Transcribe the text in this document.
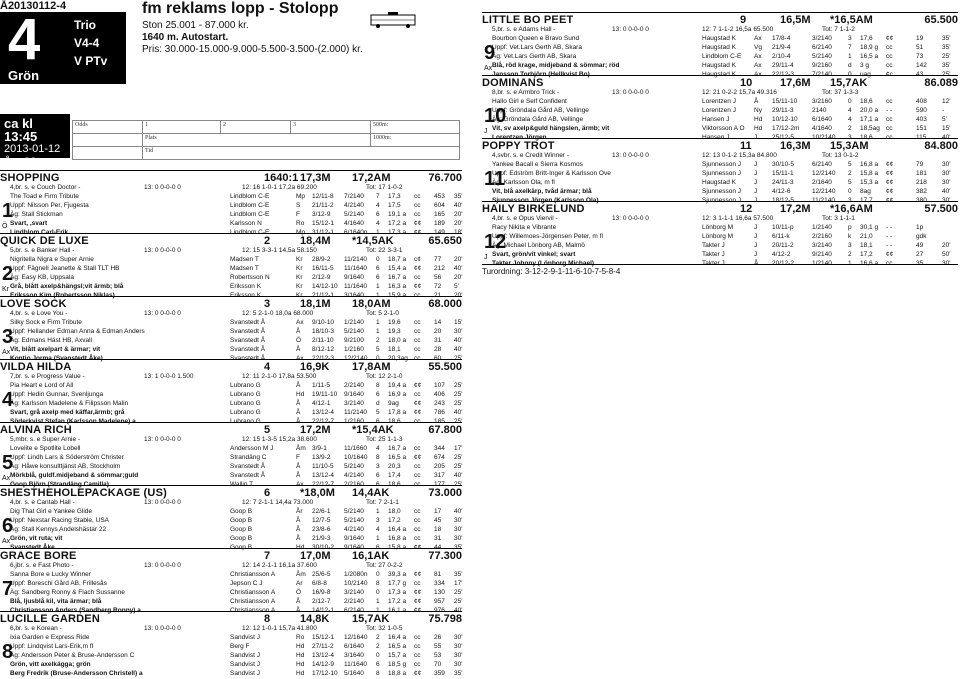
Å20130112-4
4
Grön
Trio
V4-4
V PTv
fm reklams lopp - Stolopp
Ston 25.001 - 87.000 kr.
1640 m. Autostart.
Pris: 30.000-15.000-9.000-5.500-3.500-(2.000) kr.
ca kl 13:45
2013-01-12
Å = 06
Odds	1	2	3	500m:
	Plats			1000m:
	Tid			
SHOPPING	1640:1 17,3M 17,2AM	76.700
4,br. s. e Couch Doctor -	13: 0 0-0-0 0	12: 16 1-0-1 17,2a 69.200	Tot: 17 1-0-2
1
Ö
The Toad e Firm Tribute	Lindblom C-E	Mp 12/11-8 7/2140 7 17,3 cc 453 35'
Uppf: Nilsson Per, Fjugesta	Lindblom C-E	S 21/11-2 4/2140 4 17,5 cc 604 40'
Äg: Stall Stickman	Lindblom C-E	F 3/12-9 5/2140 6 19,1 a cc 165 20'
Svart, ,svart	Karlsson N	Ro 15/12-1 4/1640 4 17,2 a ¢¢ 189 20'
Lindblom Carl-Erik	Lindblom C-E	Mp 31/12-1 6/1640n 1 17,3 a ¢¢ 149 18'
QUICK DE LUXE	2	18,4M *14,5AK	65.650
5,br. s. e Banker Hall -	13: 0 0-0-0 0	12: 15 3-3-1 14,5a 58.150	Tot: 22 3-3-1
2
Kr
Nigritella Nigra e Super Arnie	Madsen T	Kr 28/9-2 11/2140 0 18,7 a c¢ 77 20'
Uppf: Fägnell Jeanette & Stall TLT HB	Madsen T	Kr 16/11-5 11/1640 6 15,4 a ¢¢ 212 40'
Äg: Easy KB, Uppsala	Robertsson N	Kr 2/12-9 9/1640 6 16,7 a cc 56 20'
Grå, blått axelp&hängsl;vit ärmb; blå	Eriksson K	Kr 14/12-10 11/1640 1 16,3 a ¢¢ 72 5'
Eriksson Kim (Robertsson Niklas)	Eriksson K	Kr 21/12-1 3/1640 1 15,9 a cc 21 20'
LOVE SOCK	3	18,1M 18,0AM	68.000
4,br. s. e Love You -	13: 0 0-0-0 0	12: 5 2-1-0 18,0a 68.000	Tot: 5 2-1-0
3
Ax
Silky Sock e Firm Tribute	Svanstedt Å	Ax 9/10-10 1/2140 1 19,6 cc 14 15'
Uppf: Hellander Edman Anna & Edman Anders	Svanstedt Å	Å 18/10-3 5/2140 1 19,3 cc 20 30'
Äg: Edmans Häst HB, Axvall	Svanstedt Å	Ö 2/11-10 9/2100 2 18,0 a cc 31 40'
Vit, blått axelpart & ärmar; vit	Svanstedt Å	Å 8/12-12 1/2160 5 18,1 cc 28 40'
Kontio Jorma (Svanstedt Åke)	Svanstedt Å	Ax 22/12-3 12/2140 0 20,3ag cc 60 25'
VILDA HILDA	4	16,9K 17,8AM	55.500
7,br. s. e Progress Value -	13: 1 0-0-0 1.500	12: 11 2-1-0 17,8a 53.500	Tot: 12 2-1-0
4
Pia Heart e Lord of All	Lubrano G	Å 1/11-5 2/2140 8 19,4 a ¢¢ 107 25'
Uppf: Hedin Gunnar, Svenljunga	Lubrano G	Hd 19/11-10 9/1640 6 16,9 a cc 406 25'
Äg: Karlsson Madelene & Filipsson Malin	Lubrano G	Å 4/12-1 3/2140 d 9ag ¢¢ 243 25'
Svart, grå axelp med käffar,ärmb; grå	Lubrano G	Å 13/12-4 11/2140 5 17,8 a ¢¢ 786 40'
Söderkvist Stefan (Karlsson Madelene) a	Lubrano G	Å 22/12-7 1/2160 6 18,6 cc 185 25'
ALVINA RICH	5	17,2M *15,4AK	67.800
5,mbr. s. e Super Arnie -	13: 0 0-0-0 0	12: 15 1-3-5 15,2a 38.600	Tot: 25 1-1-3
5
Ax
Lovelite e Spotlite Lobell	Andersson M J	Åm 3/9-1	11/1660 4 16,7 a cc 344 17'
Uppf: Lindh Lars & Söderström Christer	Strandäng C	F 13/9-2 10/1640 8 16,5 a ¢¢ 674 25'
Äg: Håwe konsulttjänst AB, Stockholm	Svanstedt Å	Å 11/10-5 5/2140 3 20,3 cc 205 25'
Mörkblå, guldf.midjeband & sömmar;guld	Svanstedt Å	Å 13/12-4 4/2140 6 17,4 cc 317 40'
Goop Björn (Strandäng Camilla)	Wallin T	Ax 22/12-7 2/2160 6 18,6 cc 177 25'
SHESTHEHOLEPACKAGE (US)	6	*18,0M 14,4AK	73.000
4,br. s. e Cantab Hall -	13: 0 0-0-0 0	12: 7 2-1-1 14,4a 73.000	Tot: 7 2-1-1
6
Ax
Dig That Girl e Yankee Glide	Goop B	År 22/6-1 5/2140 1 18,0 cc 17 40'
Uppf: Nexstar Racing Stable, USA	Goop B	Å 12/7-5 5/2140 3 17,2 cc 45 30'
Äg: Stall Kennys Andelshästar 22	Goop B	Å 23/8-6 4/2140 4 16,4 a cc 18 30'
Grön, vit ruta; vit	Goop B	Å 21/9-3 9/1640 1 16,8 a cc 31 30'
Svanstedt Åke	Goop B	Hd 30/10-2 9/1640 6 15,8 a ¢¢ 44 35'
GRACE BORE	7	17,0M 16,1AK	77.300
6,jbr. s. e Fast Photo -	13: 0 0-0-0 0	12: 14 2-1-1 16,1a 37.600	Tot: 27 0-2-2
7
Sanna Bore e Lucky Winner	Christiansson A	Åm 25/6-5 1/2080n 0 39,3 a ¢¢ 81 35'
Uppf: Boreschi Gård AB, Frillesås	Jepson C J	Ar 6/8-8	10/2140 8 17,7 g cc 334 17'
Äg: Sandberg Ronny & Flach Sussanne	Christiansson A	Ö 16/9-8 3/2140 0 17,3 a ¢¢ 130 25'
Blå, ljusblå kil, vita ärmar; blå	Christiansson A	Å 2/12-7 2/2140 1 17,2 a ¢¢ 957 25'
Christiansson Anders (Sandberg Ronny) a	Christiansson A	Å 14/12-1 6/2140 1 16,1 a ¢¢ 976 40'
LUCILLE GARDEN	8	14,8K 15,7AK	75.798
6,br. s. e Korean -	13: 0 0-0-0 0	12: 12 1-0-1 15,7a 41.800	Tot: 32 1-0-5
8
Ixia Garden e Express Ride	Sandvist J	Ro 15/12-1 12/1640 2 16,4 a cc 26 30'
Uppf: Lindqvist Lars-Erik,m fl	Berg F	Hd 27/11-2 6/1640 2 16,5 a cc 55 30'
Äg: Andersson Peter & Bruse-Andersson C	Sandvist J	Hd 13/12-4 3/1640 0 15,7 a cc 53 30'
Grön, vitt axelkägga; grön	Sandvist J	Hd 14/12-9 11/1640 6 18,5 g cc 70 30'
Berg Fredrik (Bruse-Andersson Christell) a	Sandvist J	Hd 17/12-10 5/1640 8 18,8 a ¢¢ 359 35'
LITTLE BO PEET	9	16,5M *16,5AM	65.500
5,br. s. e Adams Hall -	13: 0 0-0-0 0	12: 7 1-1-2 16,5a 65.500	Tot: 7 1-1-2
9
Ax
Bourbon Queen e Bravo Sund	Haugstad K	Ax 17/8-4	3/2140 3 17,6 ¢¢	19	35'
Uppf: Vet.Lars Gerth AB, Skara	Haugstad K	Vg 21/9-4	6/2140 7 18,9 g cc	51	35'
Äg: Vet.Lars Gerth AB, Skara	Lindblom C-E Ax 2/10-4	5/2140 1 16,5 a cc	73	25'
Blå, röd krage, midjeband & sömmar; röd	Haugstad K	Ax 29/11-4	9/2160 d 3 g	cc	142 35'
Jansson Torbjörn (Hellkvist Bo)	Haugstad K	Ax 22/12-3	7/2140 0 uag ¢c	43	25'
DOMINANS	10	17,6M 15,7AK	86.089
8,br. s. e Armbro Trick -	13: 0 0-0-0 0	12: 21 0-2-2 15,7a 49.316	Tot: 37 1-3-3
10
J
Hallo Girl e Self Confident	Lorentzen J	Å 15/11-10 3/2160 0 18,6 cc	408 12'
Uppf: Gröndala Gård AB, Vellinge	Lorentzen J	Ny 29/11-3	2140	4 20,0 a - -	590 -
Äg: Gröndala Gård AB, Vellinge	Hansen J	Hd 10/12-10 6/1640 4 17,1 a cc	403 5'
Vit, sv axelp&guld hängslen, ärmb; vit	Viktorsson A O Hd 17/12-2m 4/1640 2 18,5ag cc	151 15'
Lorentzen Jörgen	Hansen J	J 25/12-5	10/2140 3 18,6 cc	115 40'
POPPY TROT	11	16,3M 15,3AM	84.800
4,svbr. s. e Credit Winner -	13: 0 0-0-0 0	12: 13 0-1-2 15,3a 84.800	Tot: 13 0-1-2
11
Yankee Bacall e Sierra Kosmos	Sjunnesson J J 30/10-5	6/2140 5 16,8 a ¢¢	79	30'
Uppf: Edström Britt-Inger & Karlsson Ove	Sjunnesson J J 15/11-1	12/2140 2 15,8 a ¢¢	181 30'
Äg: Karlsson Ola, m fl	Haugstad K	J 24/11-3	2/1640 5 15,3 a ¢¢	218 30'
Vit, blå axelkärp, tvåd ärmar; blå	Sjunnesson J J 4/12-6	12/2140 0 8ag ¢¢	382 40'
Sjunnesson Jörgen (Karlsson Ola)	Sjunnesson J J 18/12-5	11/2140 3 17,7 ¢¢	380 30'
HAILY BIRKELUND	12	17,2M *16,6AM	57.500
4,br. s. e Opus Viervil -	13: 0 0-0-0 0	12: 3 1-1-1 16,6a 57.500	Tot: 3 1-1-1
12
J
Racy Nikita e Vibrante	Lönborg M	J 10/11-p	1/2140 p 30,1 g - -	1p
Uppf: Willemoes-Jörgensen Peter, m fl	Lönborg M	J 6/11-k	2/2160 k 21,0 - -	gdk
Äg: Michael Lönborg AB, Malmö	Takter J	J 20/11-2	3/2140 3 18,1 - -	49	20'
Svart, grön/vit vinkel; svart	Takter J	J 4/12-2	9/2140 2 17,2 ¢¢	27	50'
Takter Johnny (Lönborg Michael)	Takter J	Å 20/12-2	1/2140 1 16,6 a cc	35	30'
Turordning: 3-12-2-9-1-11-6-10-7-5-8-4
